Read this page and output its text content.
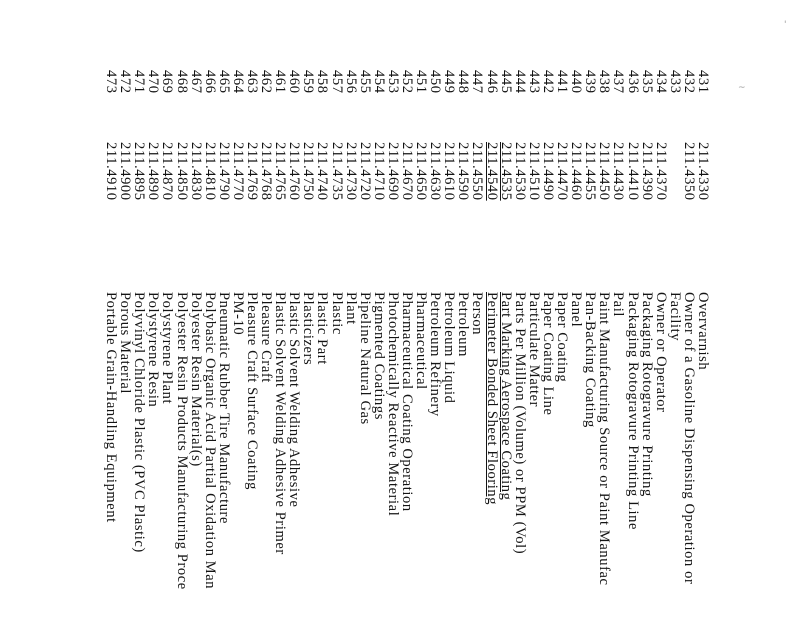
'
~
431
211.4330
Overvarnish
432
211.4350
Owner of a Gasoline Dispensing Operation or
433
Facility
434
211.4370
Owner or Operator
435
211.4390
Packaging Rotogravure Printing
436
211.4410
Packaging Rotogravure Printing Line
437
211.4430
Pail
438
211.4450
Paint Manufacturing Source or Paint Manufac
439
211.4455
Pan-Backing Coating
440
211.4460
Panel
441
211.4470
Paper Coating
442
211.4490
Paper Coating Line
443
211.4510
Particulate Matter
444
211.4530
Parts Per Million (Volume) or PPM (Vol)
445
211.4535
Part Marking Aerospace Coating
446
211.4540
Perimeter Bonded Sheet Flooring
447
211.4550
Person
448
211.4590
Petroleum
449
211.4610
Petroleum Liquid
450
211.4630
Petroleum Refinery
451
211.4650
Pharmaceutical
452
211.4670
Pharmaceutical Coating Operation
453
211.4690
Photochemically Reactive Material
454
211.4710
Pigmented Coatings
455
211.4720
Pipeline Natural Gas
456
211.4730
Plant
457
211.4735
Plastic
458
211.4740
Plastic Part
459
211.4750
Plasticizers
460
211.4760
Plastic Solvent Welding Adhesive
461
211.4765
Plastic Solvent Welding Adhesive Primer
462
211.4768
Pleasure Craft
463
211.4769
Pleasure Craft Surface Coating
464
211.4770
PM-10
465
211.4790
Pneumatic Rubber Tire Manufacture
466
211.4810
Polybasic Organic Acid Partial Oxidation Man
467
211.4830
Polyester Resin Material(s)
468
211.4850
Polyester Resin Products Manufacturing Proce
469
211.4870
Polystyrene Plant
470
211.4890
Polystyrene Resin
471
211.4895
Polyvinyl Chloride Plastic (PVC Plastic)
472
211.4900
Porous Material
473
211.4910
Portable Grain-Handling Equipment
